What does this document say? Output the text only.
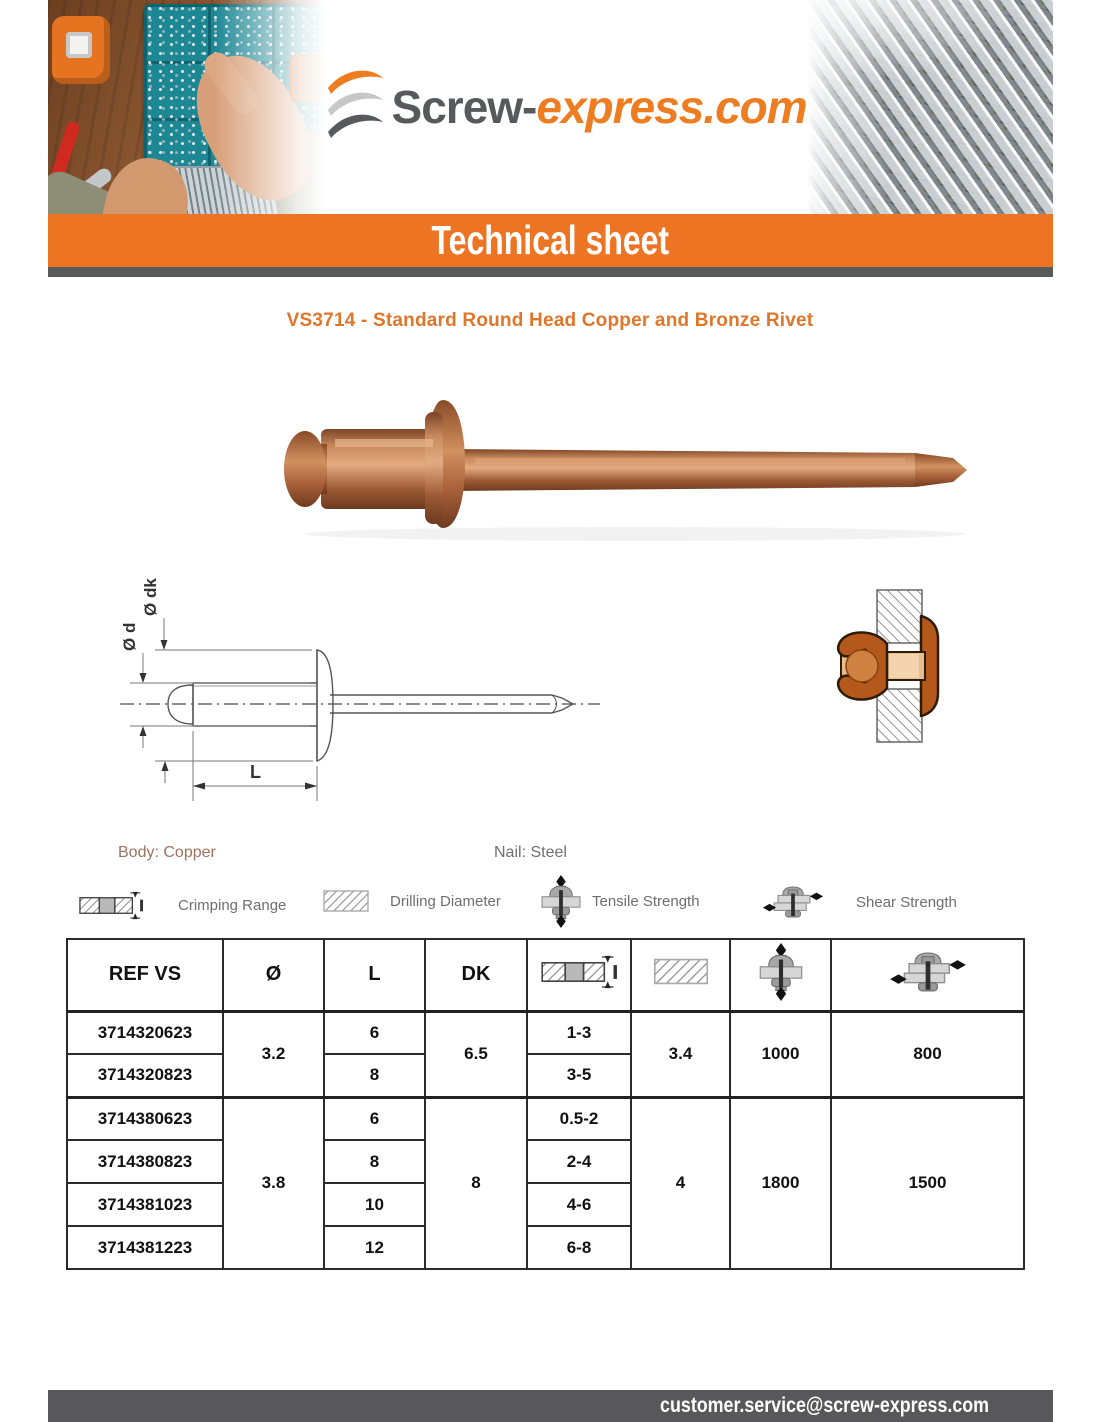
Screw-express.com
Technical sheet
VS3714 - Standard Round Head Copper and Bronze Rivet
Ø d
Ø dk
L
Body: Copper	Nail: Steel
Crimping Range	Drilling Diameter	Tensile Strength	Shear Strength
REF VS	Ø	L	DK				
3714320623	3.2	6	6.5	1-3	3.4	1000	800
3714320823		8		3-5			
3714380623	3.8	6	8	0.5-2	4	1800	1500
3714380823		8		2-4			
3714381023		10		4-6			
3714381223		12		6-8			
customer.service@screw-express.com
